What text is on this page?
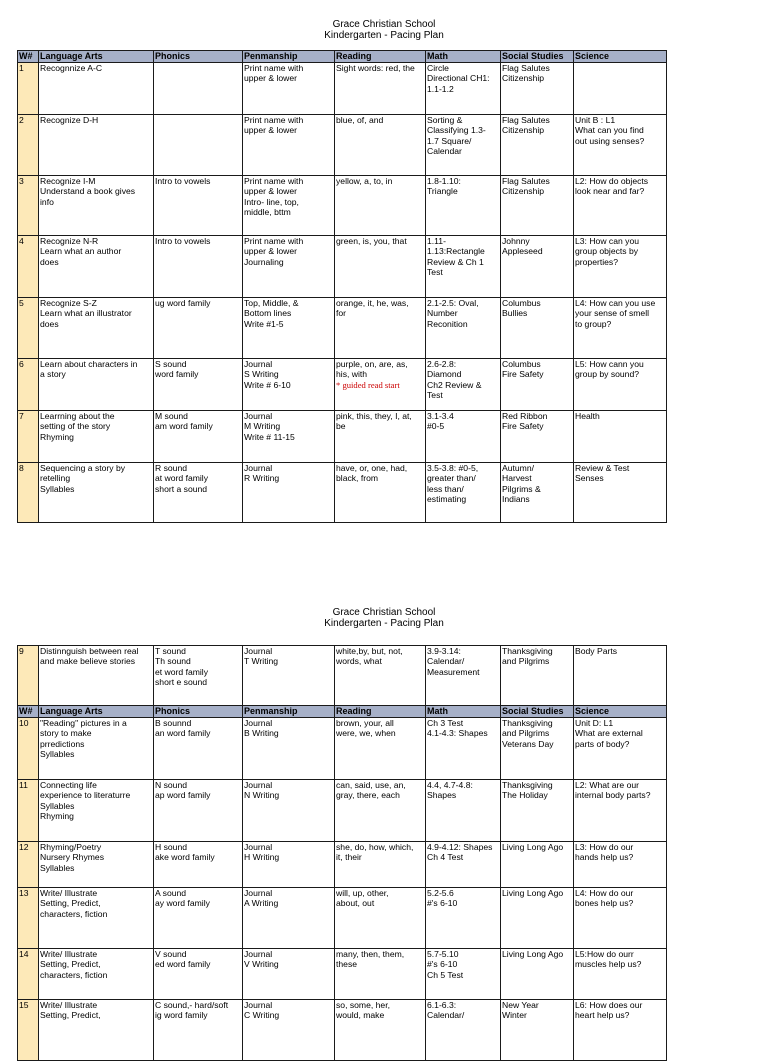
Grace Christian School
Kindergarten - Pacing Plan
W#	Language Arts	Phonics	Penmanship	Reading	Math	Social Studies	Science
1	Recognnize A-C		Print name with
upper & lower	Sight words: red, the	Circle
Directional CH1:
1.1-1.2	Flag Salutes
Citizenship	
2	Recognize D-H		Print name with
upper & lower	blue, of, and	Sorting &
Classifying 1.3-
1.7 Square/
Calendar	Flag Salutes
Citizenship	Unit B : L1
What can you find
out using senses?
3	Recognize I-M
Understand a book gives
info	Intro to vowels	Print name with
upper & lower
Intro- line, top,
middle, bttm	yellow, a, to, in	1.8-1.10:
Triangle	Flag Salutes
Citizenship	L2: How do objects
look near and far?
4	Recognize N-R
Learn what an author
does	Intro to vowels	Print name with
upper & lower
Journaling	green, is, you, that	1.11-
1.13:Rectangle
Review & Ch 1
Test	Johnny
Appleseed	L3: How can you
group objects by
properties?
5	Recognize S-Z
Learn what an illustrator
does	ug word family	Top, Middle, &
Bottom lines
Write #1-5	orange, it, he, was,
for	2.1-2.5: Oval,
Number
Reconition	Columbus
Bullies	L4: How can you use
your sense of smell
to group?
6	Learn about characters in
a story	S sound
word family	Journal
S Writing
Write # 6-10	purple, on, are, as,
his, with
* guided read start	2.6-2.8:
Diamond
Ch2 Review &
Test	Columbus
Fire Safety	L5: How cann you
group by sound?
7	Learrning about the
setting of the story
Rhyming	M sound
am word family	Journal
M Writing
Write # 11-15	pink, this, they, I, at,
be	3.1-3.4
#0-5	Red Ribbon
Fire Safety	Health
8	Sequencing a story by
retelling
Syllables	R sound
at word family
short a sound	Journal
R Writing	have, or, one, had,
black, from	3.5-3.8: #0-5,
greater than/
less than/
estimating	Autumn/
Harvest
Pilgrims &
Indians	Review & Test
Senses
Grace Christian School
Kindergarten - Pacing Plan
9	Distinnguish between real
and make believe stories	T sound
Th sound
et word family
short e sound	Journal
T Writing	white,by, but, not,
words, what	3.9-3.14:
Calendar/
Measurement	Thanksgiving
and Pilgrims	Body Parts
W#	Language Arts	Phonics	Penmanship	Reading	Math	Social Studies	Science
10	"Reading" pictures in a
story to make
prredictions
Syllables	B sounnd
an word family	Journal
B Writing	brown, your, all
were, we, when	Ch 3 Test
4.1-4.3: Shapes	Thanksgiving
and Pilgrims
Veterans Day	Unit D: L1
What are external
parts of body?
11	Connecting life
experience to literaturre
Syllables
Rhyming	N sound
ap word family	Journal
N Writing	can, said, use, an,
gray, there, each	4.4, 4.7-4.8:
Shapes	Thanksgiving
The Holiday	L2: What are our
internal body parts?
12	Rhyming/Poetry
Nursery Rhymes
Syllables	H sound
ake word family	Journal
H Writing	she, do, how, which,
it, their	4.9-4.12: Shapes
Ch 4 Test	Living Long Ago	L3: How do our
hands help us?
13	Write/ Illustrate
Setting, Predict,
characters, fiction	A sound
ay word family	Journal
A Writing	will, up, other,
about, out	5.2-5.6
#'s 6-10	Living Long Ago	L4: How do our
bones help us?
14	Write/ Illustrate
Setting, Predict,
characters, fiction	V sound
ed word family	Journal
V Writing	many, then, them,
these	5.7-5.10
#'s 6-10
Ch 5 Test	Living Long Ago	L5:How do ourr
muscles help us?
15	Write/ Illustrate
Setting, Predict,	C sound,- hard/soft
ig word family	Journal
C Writing	so, some, her,
would, make	6.1-6.3:
Calendar/	New Year
Winter	L6: How does our
heart help us?
